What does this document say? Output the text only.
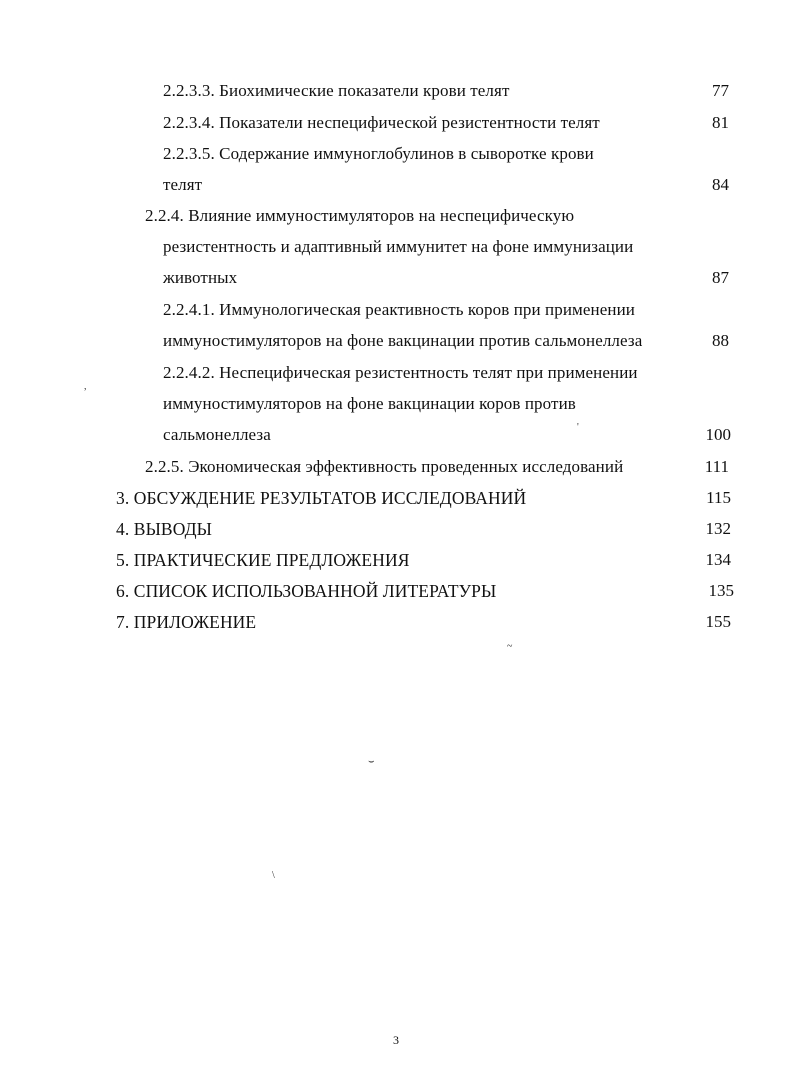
2.2.3.3. Биохимические показатели крови телят	77
2.2.3.4. Показатели неспецифической резистентности телят	81
2.2.3.5. Содержание иммуноглобулинов в сыворотке крови
телят	84
2.2.4. Влияние иммуностимуляторов на неспецифическую
резистентность и адаптивный иммунитет на фоне иммунизации
животных	87
2.2.4.1. Иммунологическая реактивность коров при применении
иммуностимуляторов на фоне вакцинации против сальмонеллеза	88
2.2.4.2. Неспецифическая резистентность телят при применении
иммуностимуляторов на фоне вакцинации коров против
сальмонеллеза	100
2.2.5. Экономическая эффективность проведенных исследований	111
3. ОБСУЖДЕНИЕ РЕЗУЛЬТАТОВ ИССЛЕДОВАНИЙ	115
4. ВЫВОДЫ	132
5. ПРАКТИЧЕСКИЕ ПРЕДЛОЖЕНИЯ	134
6. СПИСОК ИСПОЛЬЗОВАННОЙ ЛИТЕРАТУРЫ	135
7. ПРИЛОЖЕНИЕ	155
,
'
~
⌣
\
3
